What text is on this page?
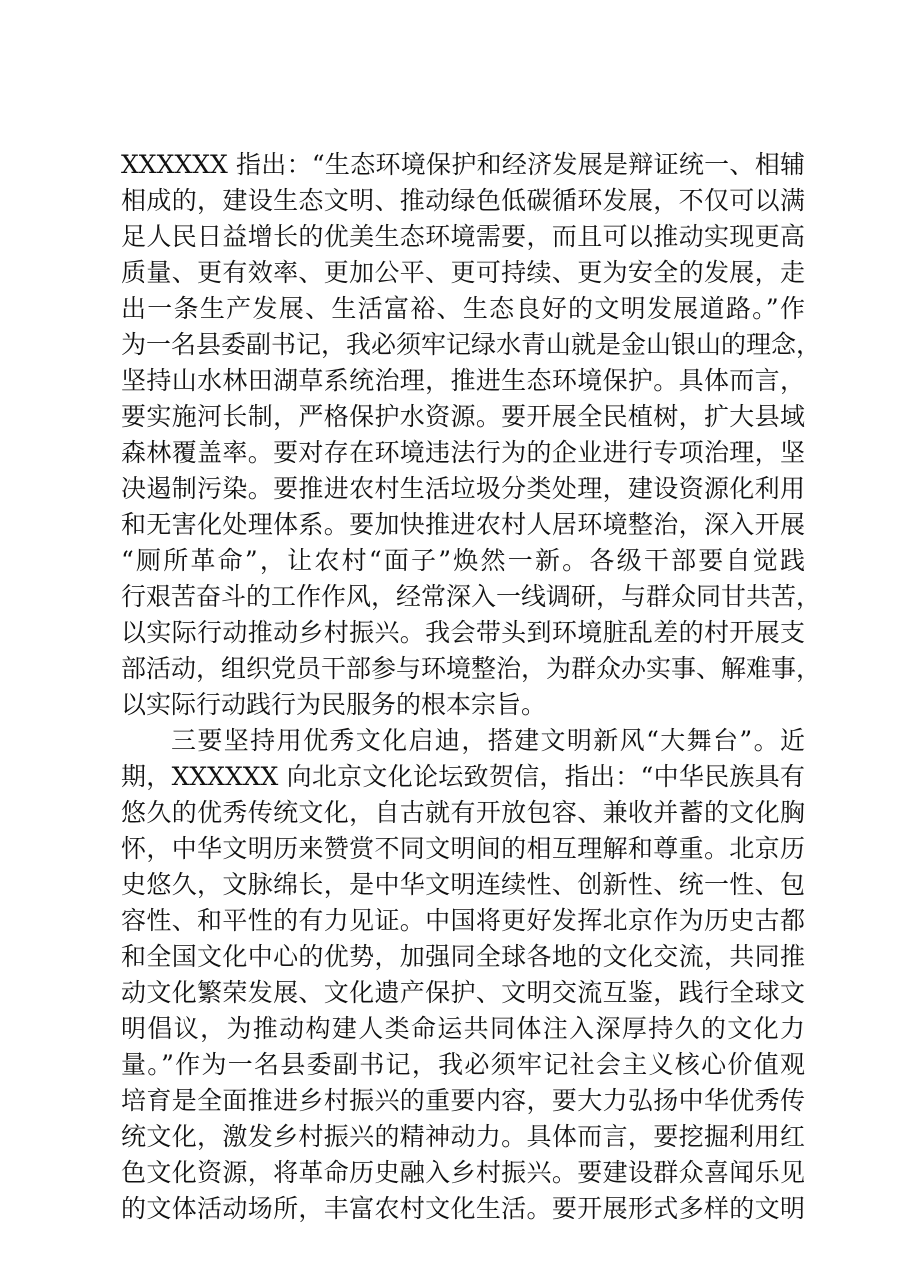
XXXXXX 指出：“生态环境保护和经济发展是辩证统一、相辅
相成的，建设生态文明、推动绿色低碳循环发展，不仅可以满
足人民日益增长的优美生态环境需要，而且可以推动实现更高
质量、更有效率、更加公平、更可持续、更为安全的发展，走
出一条生产发展、生活富裕、生态良好的文明发展道路。”作
为一名县委副书记，我必须牢记绿水青山就是金山银山的理念，
坚持山水林田湖草系统治理，推进生态环境保护。具体而言，
要实施河长制，严格保护水资源。要开展全民植树，扩大县域
森林覆盖率。要对存在环境违法行为的企业进行专项治理，坚
决遏制污染。要推进农村生活垃圾分类处理，建设资源化利用
和无害化处理体系。要加快推进农村人居环境整治，深入开展
“厕所革命”，让农村“面子”焕然一新。各级干部要自觉践
行艰苦奋斗的工作作风，经常深入一线调研，与群众同甘共苦，
以实际行动推动乡村振兴。我会带头到环境脏乱差的村开展支
部活动，组织党员干部参与环境整治，为群众办实事、解难事，
以实际行动践行为民服务的根本宗旨。
三要坚持用优秀文化启迪，搭建文明新风“大舞台”。近
期，XXXXXX 向北京文化论坛致贺信，指出：“中华民族具有
悠久的优秀传统文化，自古就有开放包容、兼收并蓄的文化胸
怀，中华文明历来赞赏不同文明间的相互理解和尊重。北京历
史悠久，文脉绵长，是中华文明连续性、创新性、统一性、包
容性、和平性的有力见证。中国将更好发挥北京作为历史古都
和全国文化中心的优势，加强同全球各地的文化交流，共同推
动文化繁荣发展、文化遗产保护、文明交流互鉴，践行全球文
明倡议，为推动构建人类命运共同体注入深厚持久的文化力
量。”作为一名县委副书记，我必须牢记社会主义核心价值观
培育是全面推进乡村振兴的重要内容，要大力弘扬中华优秀传
统文化，激发乡村振兴的精神动力。具体而言，要挖掘利用红
色文化资源，将革命历史融入乡村振兴。要建设群众喜闻乐见
的文体活动场所，丰富农村文化生活。要开展形式多样的文明
